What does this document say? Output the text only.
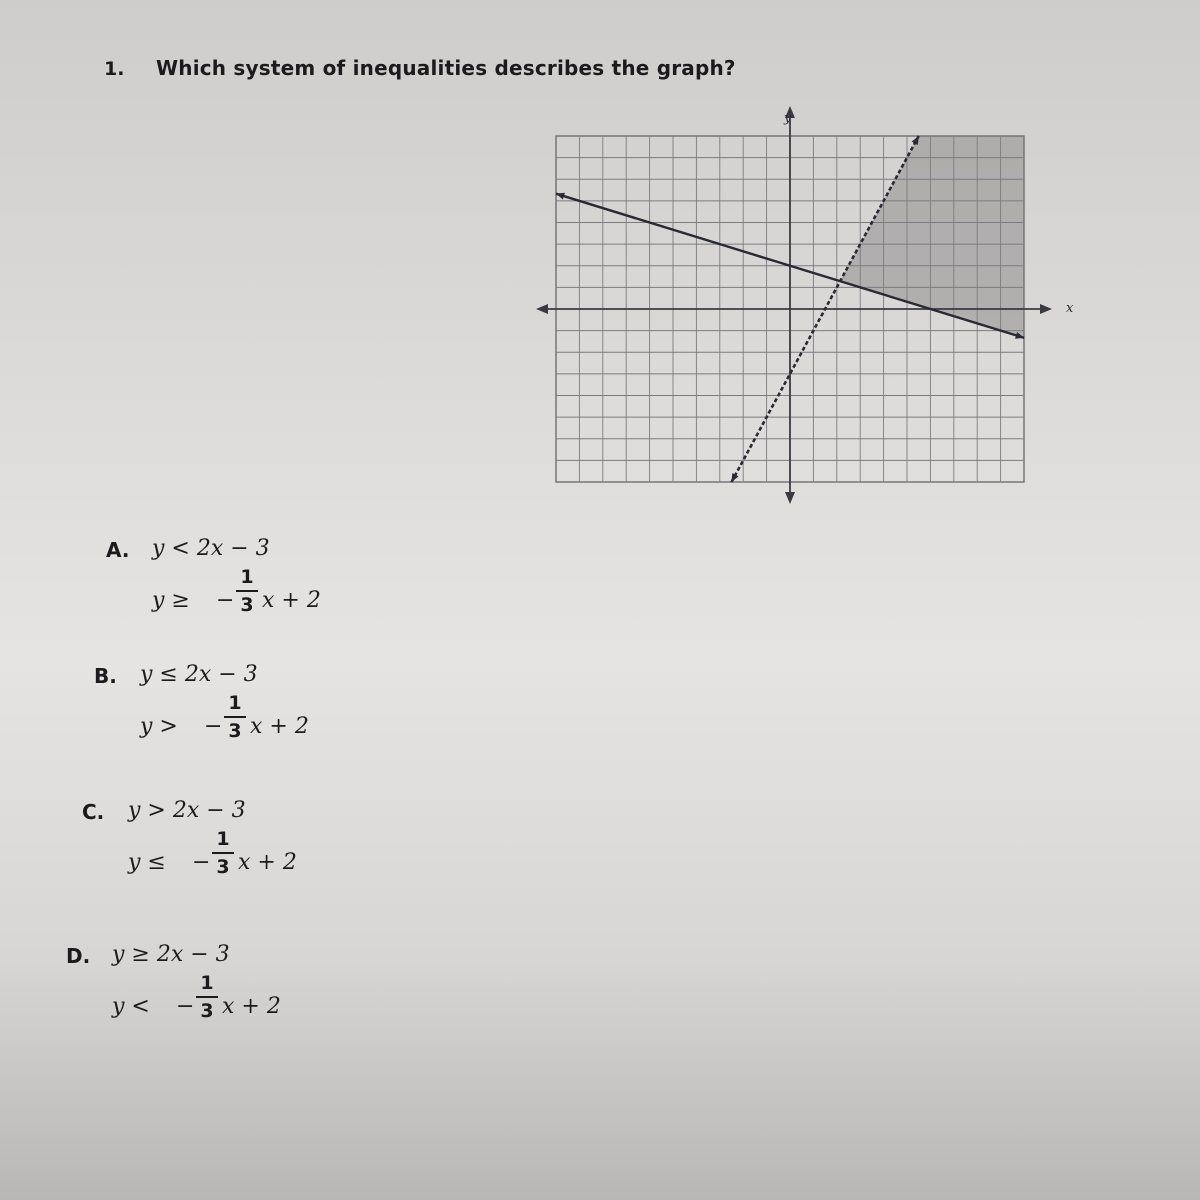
1. Which system of inequalities describes the graph?
x
y
A. y < 2x − 3
y ≥ −
1
3 x + 2
B. y ≤ 2x − 3
y > −
1
3 x + 2
C. y > 2x − 3
y ≤ −
1
3 x + 2
D. y ≥ 2x − 3
y < −
1
3 x + 2
